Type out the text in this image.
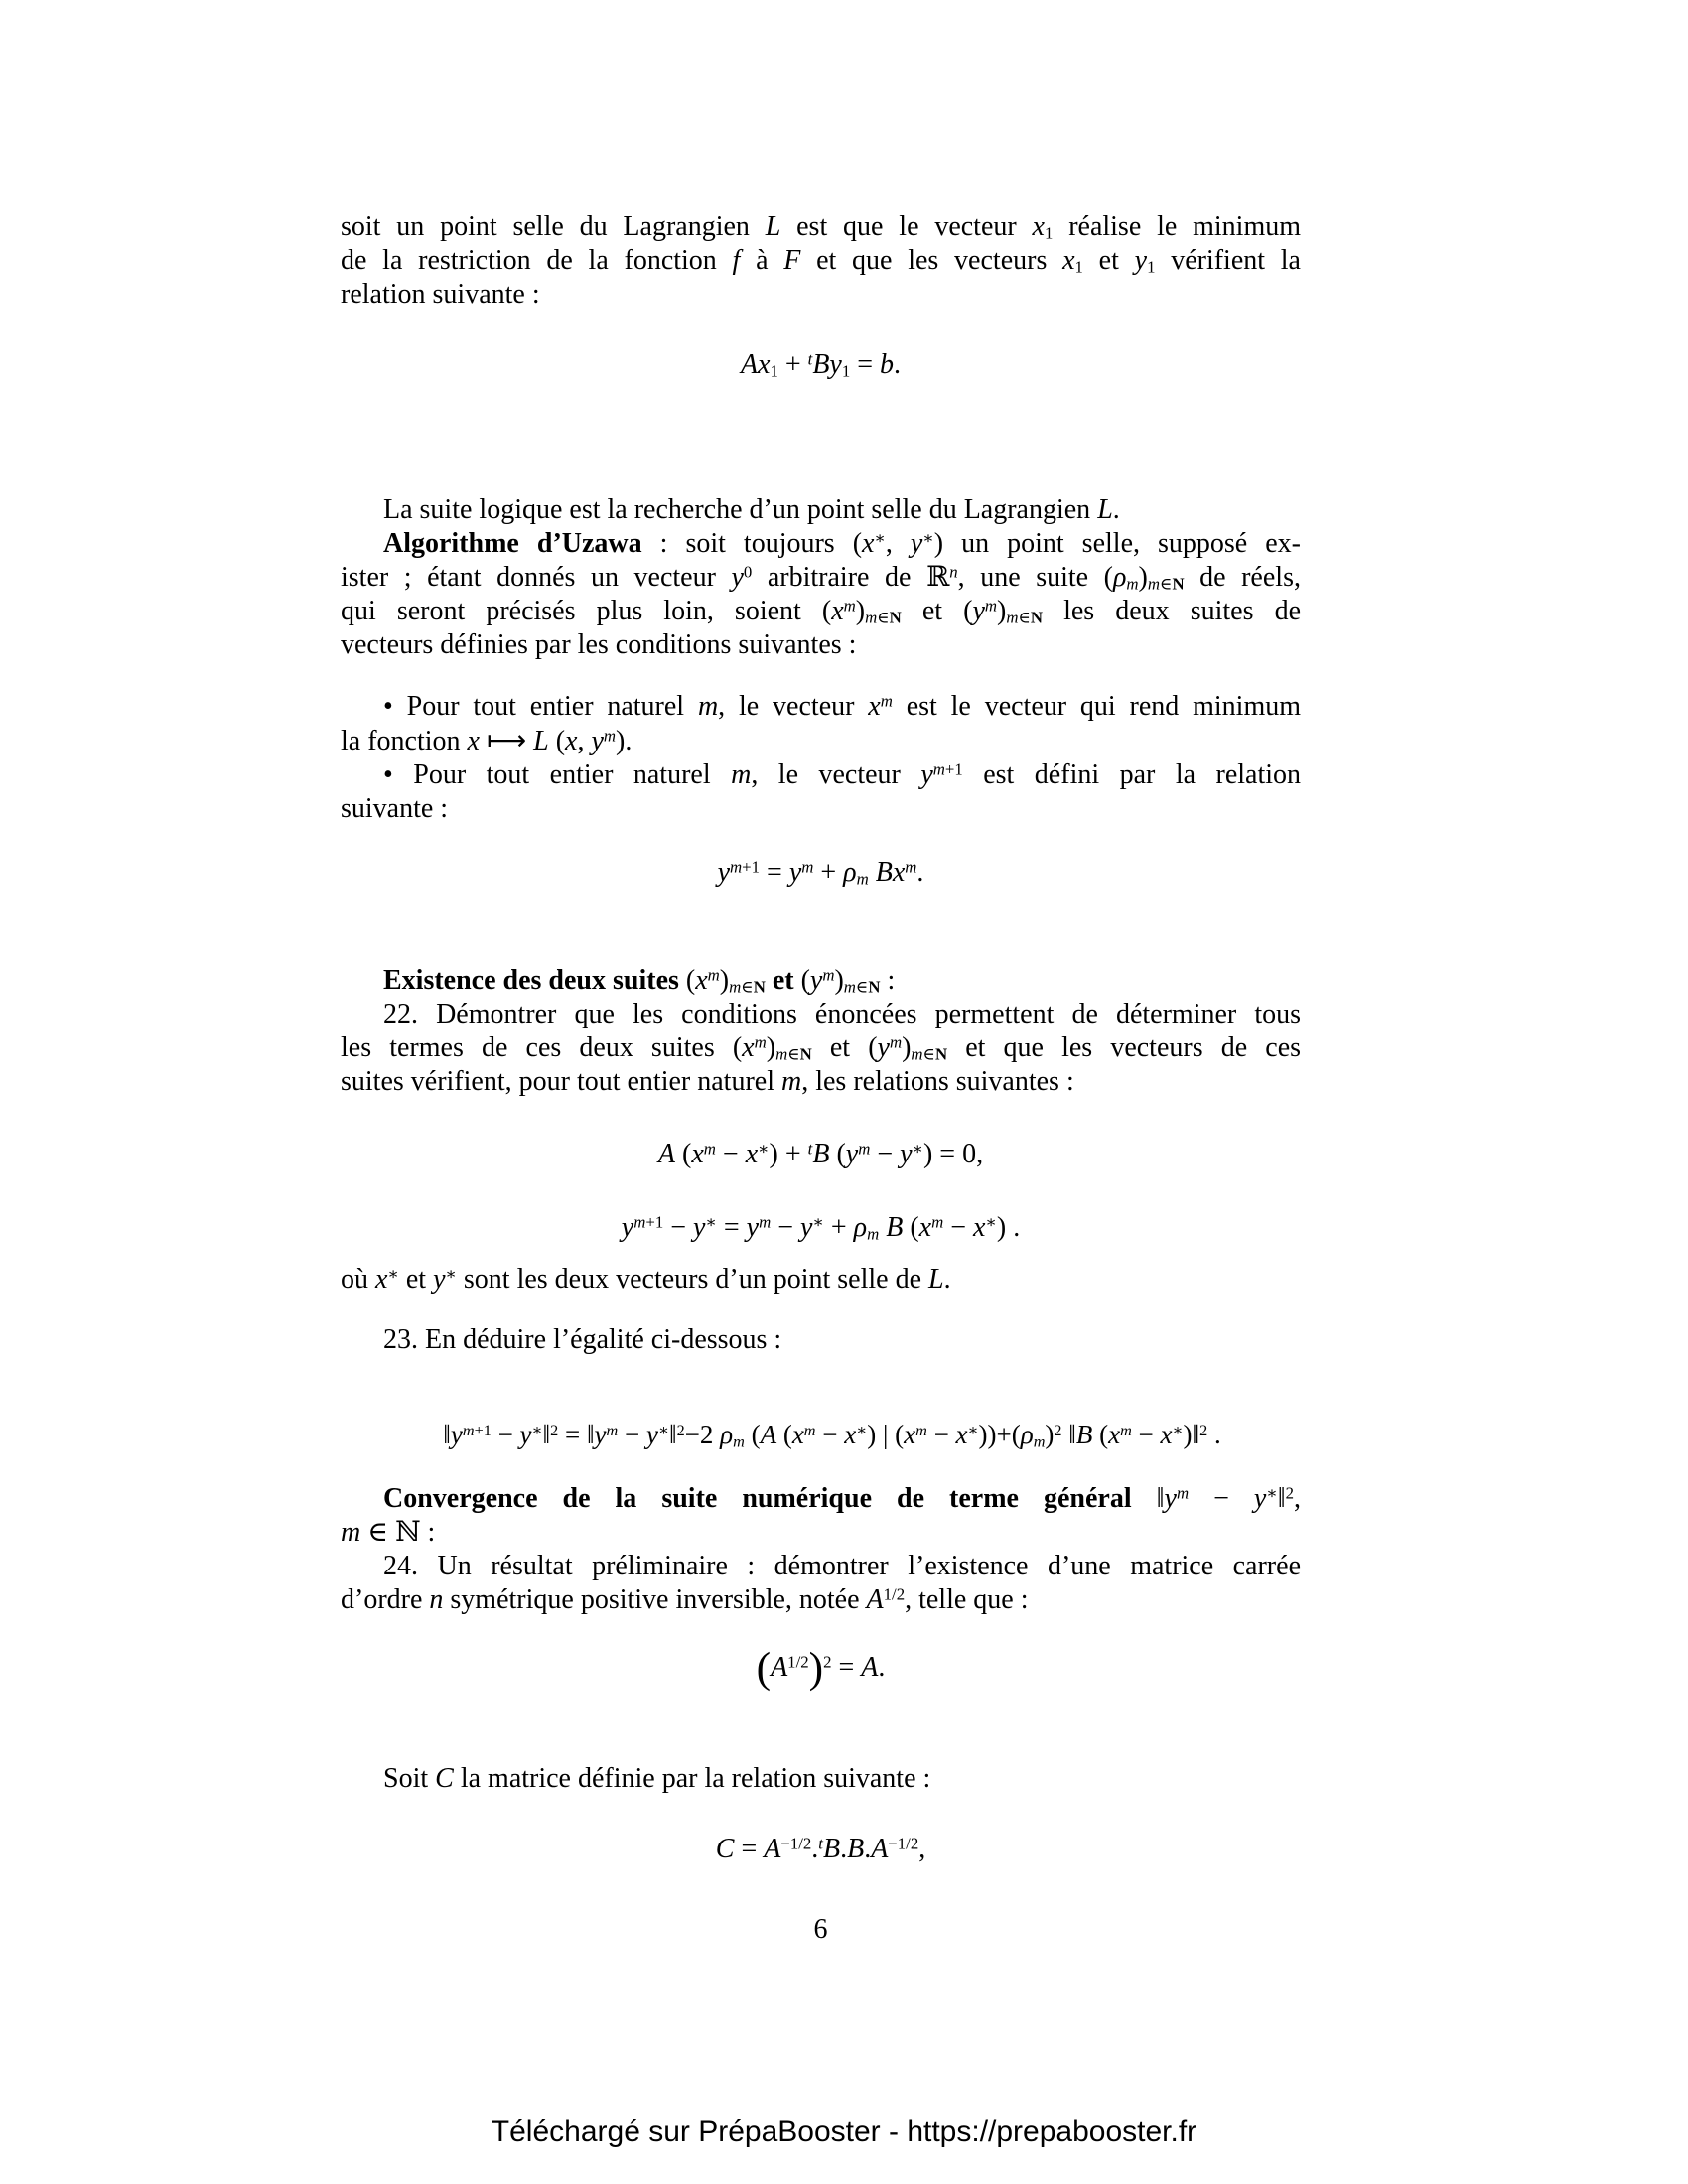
soit un point selle du Lagrangien L est que le vecteur $x_1$ réalise le minimum
de la restriction de la fonction f à F et que les vecteurs $x_1$ et $y_1$ vérifient la
relation suivante :
$Ax_1 + ^tBy_1 = b$.
La suite logique est la recherche d’un point selle du Lagrangien L.
Algorithme d’Uzawa : soit toujours (x∗, y∗) un point selle, supposé ex-
ister ; étant donnés un vecteur $y^0$ arbitraire de ℝ$^n$, une suite $(\rho_m)_{m\in N}$ de réels,
qui seront précisés plus loin, soient $(x^m)_{m\in N}$ et $(y^m)_{m\in N}$ les deux suites de
vecteurs définies par les conditions suivantes :
• Pour tout entier naturel m, le vecteur $x^m$ est le vecteur qui rend minimum
la fonction x ⟼ L (x, $y^m$).
• Pour tout entier naturel m, le vecteur $y^{m+1}$ est défini par la relation
suivante :
$y^{m+1} = y^m + \rho_m$ Bx$^m$.
Existence des deux suites $(x^m)_{m\in N}$ et $(y^m)_{m\in N}$ :
22. Démontrer que les conditions énoncées permettent de déterminer tous
les termes de ces deux suites $(x^m)_{m\in N}$ et $(y^m)_{m\in N}$ et que les vecteurs de ces
suites vérifient, pour tout entier naturel m, les relations suivantes :
A $(x^m - x^∗) + ^tB$ $(y^m - y^∗) = 0$,
$y^{m+1} - y^∗ = y^m - y^∗ + \rho_m$ B $(x^m - x^∗)$ .
où x∗ et y∗ sont les deux vecteurs d’un point selle de L.
23. En déduire l’égalité ci-dessous :
$‖y^{m+1}$ − y∗‖$^2$ = $‖y^m$ − y∗‖$^2$−2 $\rho_m$ (A $(x^m - x^∗)$ | $(x^m - x^∗))+(\rho_m)^2$ ‖B ($x^m$ − x∗)‖$^2$ .
Convergence de la suite numérique de terme général $‖y^m$ − y∗‖$^2$,
m ∈ ℕ :
24. Un résultat préliminaire : démontrer l’existence d’une matrice carrée
d’ordre n symétrique positive inversible, notée $A^{1/2}$, telle que :
$(A^{1/2})^2 = A$.
Soit C la matrice définie par la relation suivante :
$C = A^{-1/2}.^tB.B.A^{-1/2}$,
6
Téléchargé sur PrépaBooster - https://prepabooster.fr
